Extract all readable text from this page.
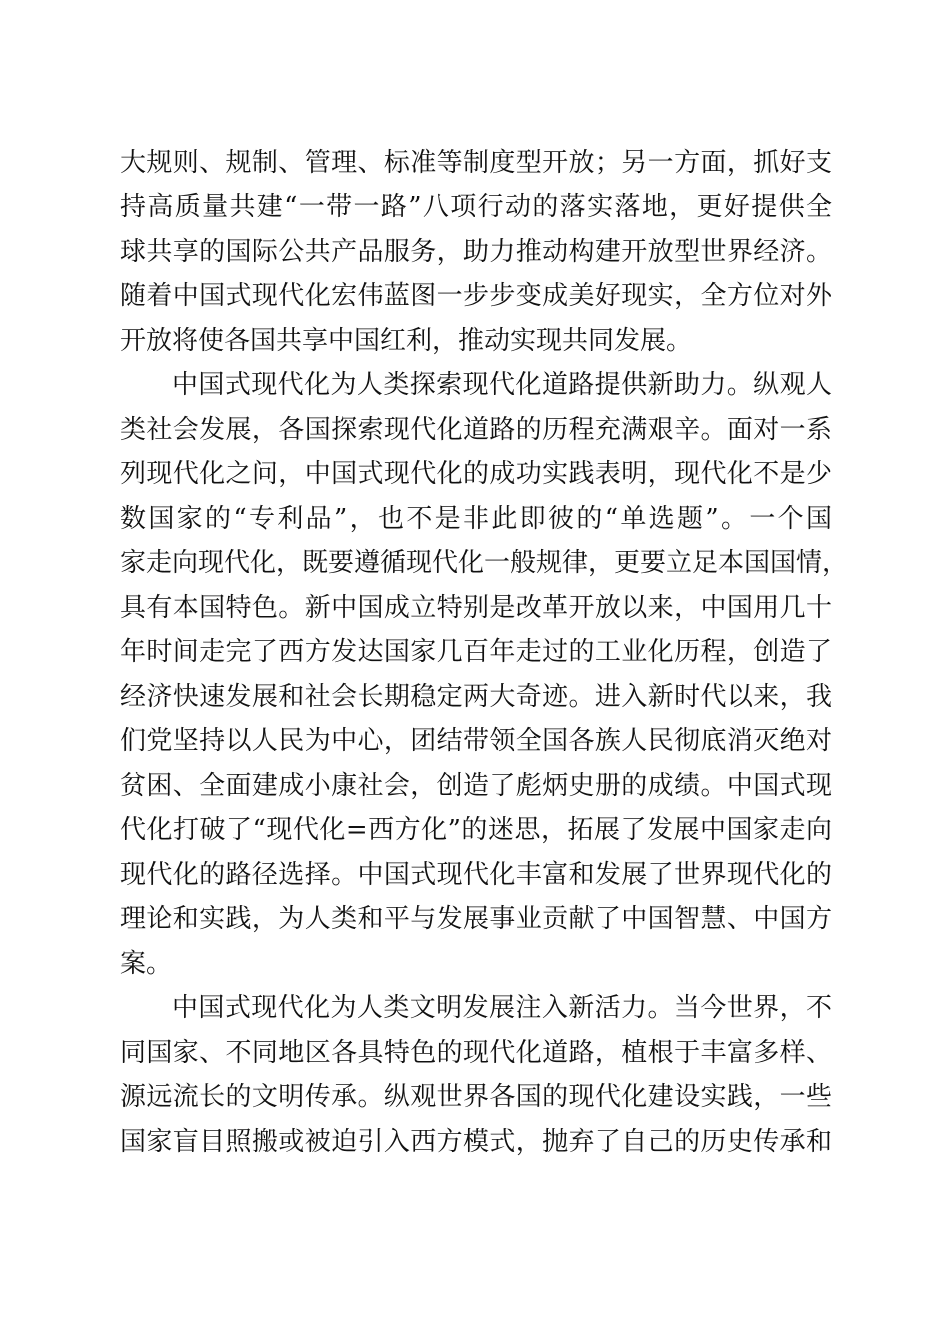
大规则、规制、管理、标准等制度型开放；另一方面，抓好支
持高质量共建“一带一路”八项行动的落实落地，更好提供全
球共享的国际公共产品服务，助力推动构建开放型世界经济。
随着中国式现代化宏伟蓝图一步步变成美好现实，全方位对外
开放将使各国共享中国红利，推动实现共同发展。
中国式现代化为人类探索现代化道路提供新助力。纵观人
类社会发展，各国探索现代化道路的历程充满艰辛。面对一系
列现代化之问，中国式现代化的成功实践表明，现代化不是少
数国家的“专利品”，也不是非此即彼的“单选题”。一个国
家走向现代化，既要遵循现代化一般规律，更要立足本国国情，
具有本国特色。新中国成立特别是改革开放以来，中国用几十
年时间走完了西方发达国家几百年走过的工业化历程，创造了
经济快速发展和社会长期稳定两大奇迹。进入新时代以来，我
们党坚持以人民为中心，团结带领全国各族人民彻底消灭绝对
贫困、全面建成小康社会，创造了彪炳史册的成绩。中国式现
代化打破了“现代化=西方化”的迷思，拓展了发展中国家走向
现代化的路径选择。中国式现代化丰富和发展了世界现代化的
理论和实践，为人类和平与发展事业贡献了中国智慧、中国方
案。
中国式现代化为人类文明发展注入新活力。当今世界，不
同国家、不同地区各具特色的现代化道路，植根于丰富多样、
源远流长的文明传承。纵观世界各国的现代化建设实践，一些
国家盲目照搬或被迫引入西方模式，抛弃了自己的历史传承和
